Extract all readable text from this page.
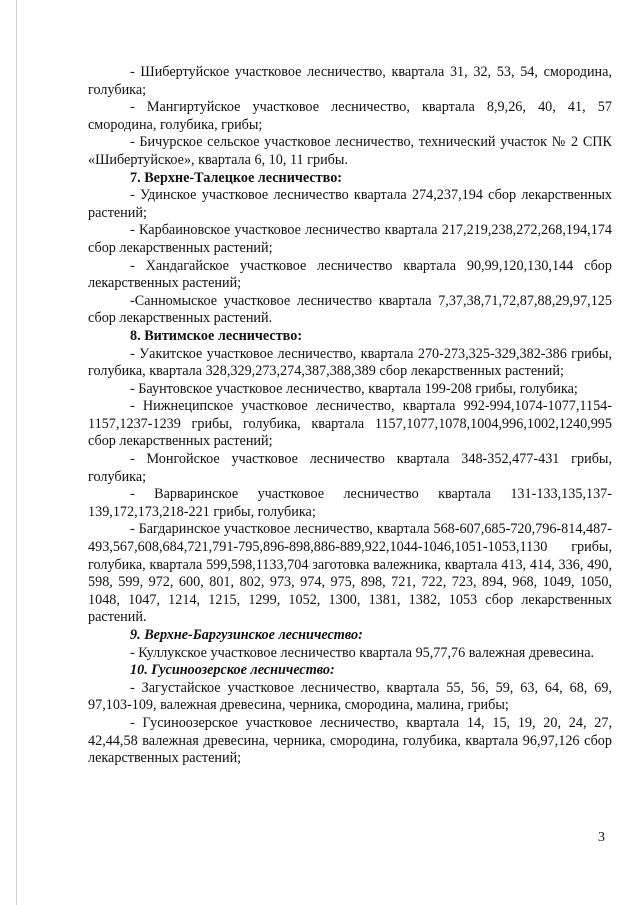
- Шибертуйское участковое лесничество, квартала 31, 32, 53, 54, смородина, голубика;

- Мангиртуйское участковое лесничество, квартала 8,9,26, 40, 41, 57 смородина, голубика, грибы;

- Бичурское сельское участковое лесничество, технический участок № 2 СПК «Шибертуйское», квартала 6, 10, 11 грибы.

7. Верхне-Талецкое лесничество:

- Удинское участковое лесничество квартала 274,237,194 сбор лекарственных растений;

- Карбаиновское участковое лесничество квартала 217,219,238,272,268,194,174 сбор лекарственных растений;

- Хандагайское участковое лесничество квартала 90,99,120,130,144 сбор лекарственных растений;

-Санномыское участковое лесничество квартала 7,37,38,71,72,87,88,29,97,125 сбор лекарственных растений.

8. Витимское лесничество:

- Уакитское участковое лесничество, квартала 270-273,325-329,382-386 грибы, голубика, квартала 328,329,273,274,387,388,389 сбор лекарственных растений;

- Баунтовское участковое лесничество, квартала 199-208 грибы, голубика;

- Нижнеципское участковое лесничество, квартала 992-994,1074-1077,1154-1157,1237-1239 грибы, голубика, квартала 1157,1077,1078,1004,996,1002,1240,995 сбор лекарственных растений;

- Монгойское участковое лесничество квартала 348-352,477-431 грибы, голубика;

- Варваринское участковое лесничество квартала 131-133,135,137-139,172,173,218-221 грибы, голубика;

- Багдаринское участковое лесничество, квартала 568-607,685-720,796-814,487-493,567,608,684,721,791-795,896-898,886-889,922,1044-1046,1051-1053,1130 грибы, голубика, квартала 599,598,1133,704 заготовка валежника, квартала 413, 414, 336, 490, 598, 599, 972, 600, 801, 802, 973, 974, 975, 898, 721, 722, 723, 894, 968, 1049, 1050, 1048, 1047, 1214, 1215, 1299, 1052, 1300, 1381, 1382, 1053 сбор лекарственных растений.

9. Верхне-Баргузинское лесничество:

- Куллукское участковое лесничество квартала 95,77,76 валежная древесина.

10. Гусиноозерское лесничество:

- Загустайское участковое лесничество, квартала 55, 56, 59, 63, 64, 68, 69, 97,103-109, валежная древесина, черника, смородина, малина, грибы;

- Гусиноозерское участковое лесничество, квартала 14, 15, 19, 20, 24, 27, 42,44,58 валежная древесина, черника, смородина, голубика, квартала 96,97,126 сбор лекарственных растений;

3
